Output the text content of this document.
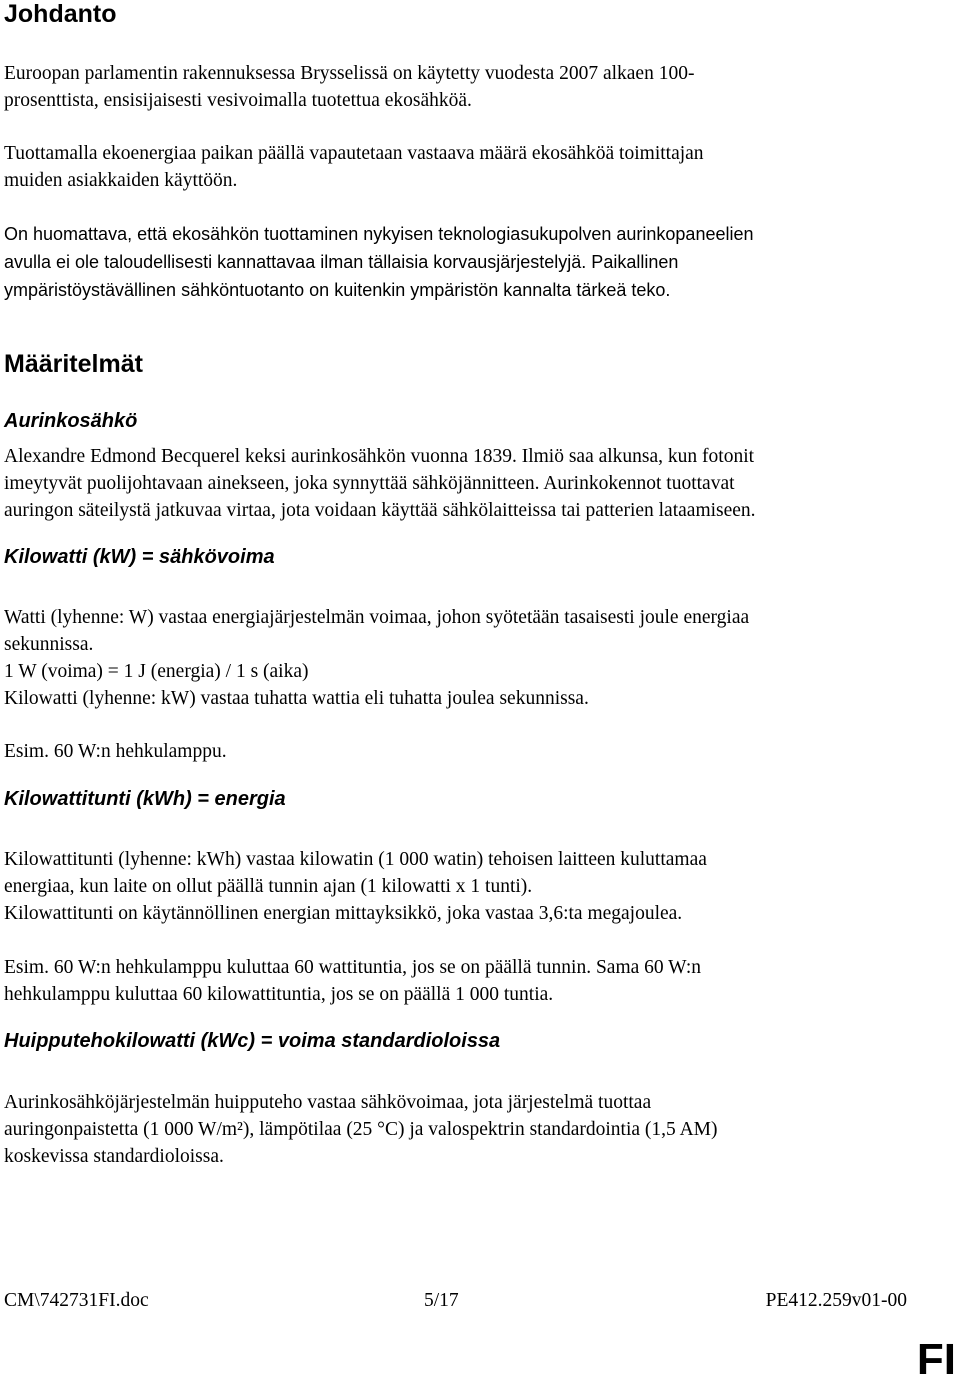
Johdanto

Euroopan parlamentin rakennuksessa Brysselissä on käytetty vuodesta 2007 alkaen 100-
prosenttista, ensisijaisesti vesivoimalla tuotettua ekosähköä.

Tuottamalla ekoenergiaa paikan päällä vapautetaan vastaava määrä ekosähköä toimittajan
muiden asiakkaiden käyttöön.

On huomattava, että ekosähkön tuottaminen nykyisen teknologiasukupolven aurinkopaneelien
avulla ei ole taloudellisesti kannattavaa ilman tällaisia korvausjärjestelyjä. Paikallinen
ympäristöystävällinen sähköntuotanto on kuitenkin ympäristön kannalta tärkeä teko.

Määritelmät
Aurinkosähkö

Alexandre Edmond Becquerel keksi aurinkosähkön vuonna 1839. Ilmiö saa alkunsa, kun fotonit
imeytyvät puolijohtavaan ainekseen, joka synnyttää sähköjännitteen. Aurinkokennot tuottavat
auringon säteilystä jatkuvaa virtaa, jota voidaan käyttää sähkölaitteissa tai patterien lataamiseen.

Kilowatti (kW) = sähkövoima

Watti (lyhenne: W) vastaa energiajärjestelmän voimaa, johon syötetään tasaisesti joule energiaa
sekunnissa.
1 W (voima) = 1 J (energia) / 1 s (aika)
Kilowatti (lyhenne: kW) vastaa tuhatta wattia eli tuhatta joulea sekunnissa.

Esim. 60 W:n hehkulamppu.

Kilowattitunti (kWh) = energia

Kilowattitunti (lyhenne: kWh) vastaa kilowatin (1 000 watin) tehoisen laitteen kuluttamaa
energiaa, kun laite on ollut päällä tunnin ajan (1 kilowatti x 1 tunti).
Kilowattitunti on käytännöllinen energian mittayksikkö, joka vastaa 3,6:ta megajoulea.

Esim. 60 W:n hehkulamppu kuluttaa 60 wattituntia, jos se on päällä tunnin. Sama 60 W:n
hehkulamppu kuluttaa 60 kilowattituntia, jos se on päällä 1 000 tuntia.

Huipputehokilowatti (kWc) = voima standardioloissa

Aurinkosähköjärjestelmän huipputeho vastaa sähkövoimaa, jota järjestelmä tuottaa
auringonpaistetta (1 000 W/m²), lämpötilaa (25 °C) ja valospektrin standardointia (1,5 AM)
koskevissa standardioloissa.

CM\742731FI.doc	5/17	PE412.259v01-00
FI
